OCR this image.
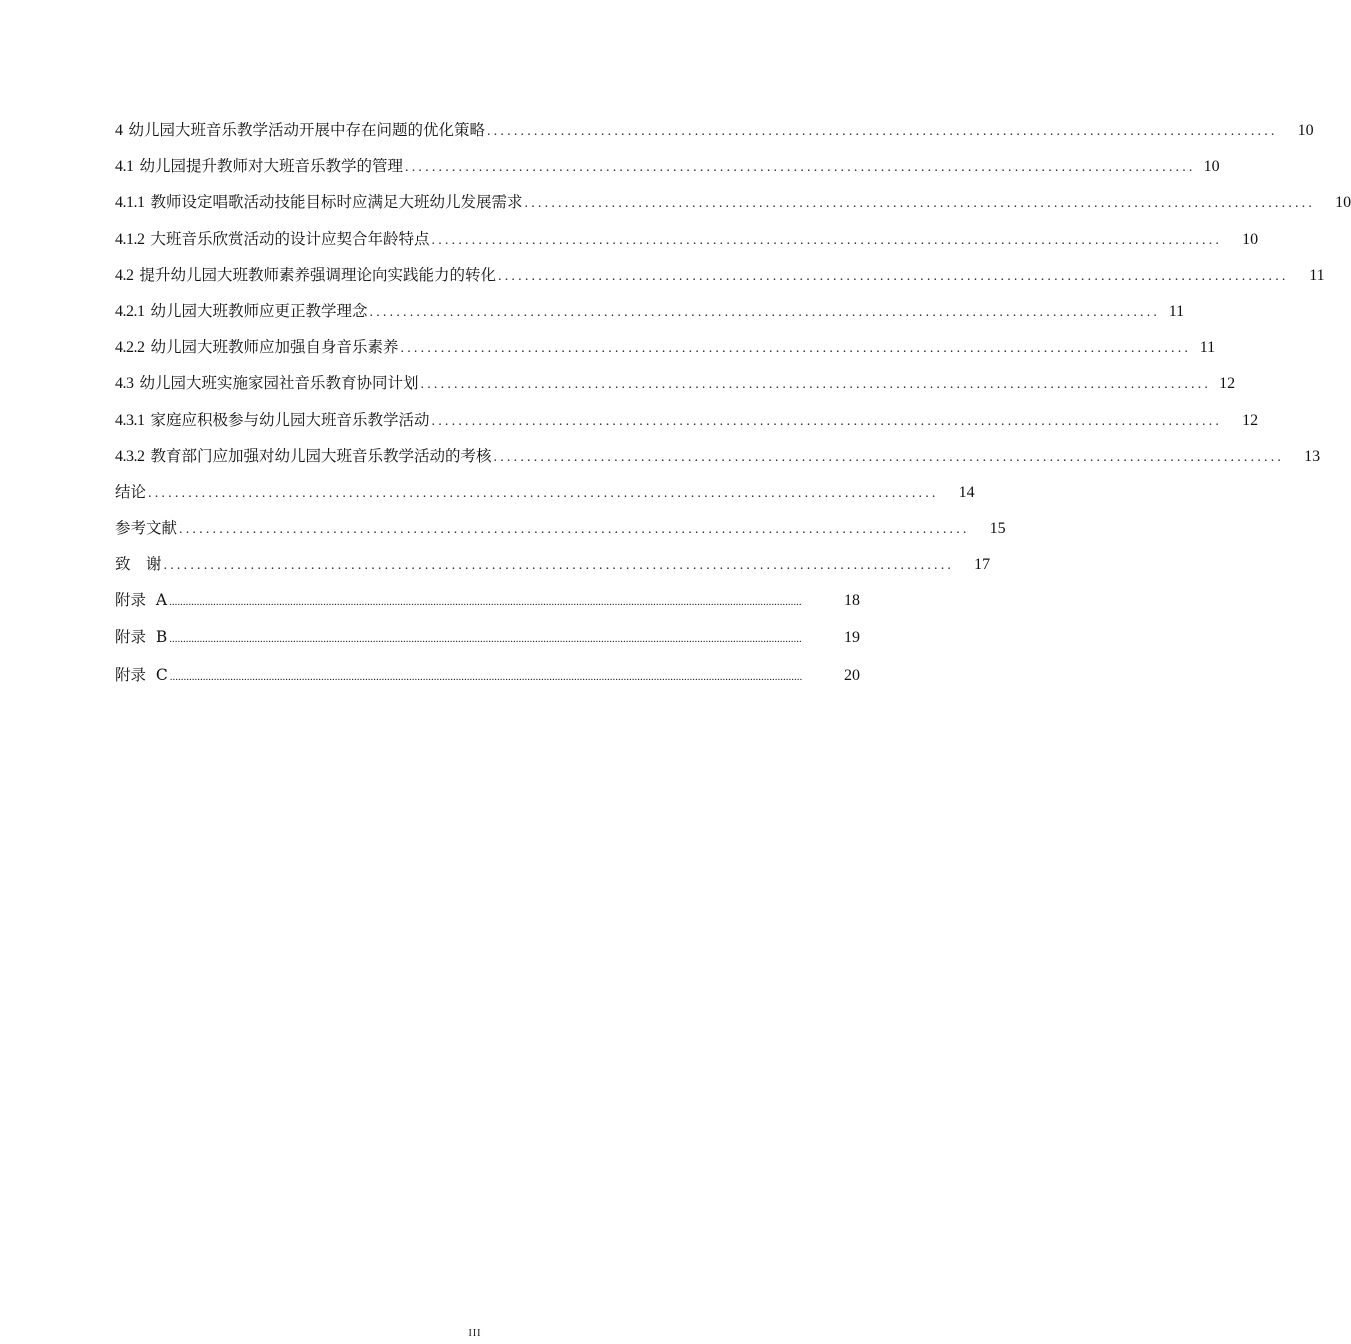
4 幼儿园大班音乐教学活动开展中存在问题的优化策略 ...................................................................................................................... 10
4.1 幼儿园提升教师对大班音乐教学的管理 ...................................................................................................................... 10
4.1.1 教师设定唱歌活动技能目标时应满足大班幼儿发展需求 ...................................................................................................................... 10
4.1.2 大班音乐欣赏活动的设计应契合年龄特点 ...................................................................................................................... 10
4.2 提升幼儿园大班教师素养强调理论向实践能力的转化 ...................................................................................................................... 11
4.2.1 幼儿园大班教师应更正教学理念 ...................................................................................................................... 11
4.2.2 幼儿园大班教师应加强自身音乐素养 ...................................................................................................................... 11
4.3 幼儿园大班实施家园社音乐教育协同计划 ...................................................................................................................... 12
4.3.1 家庭应积极参与幼儿园大班音乐教学活动 ...................................................................................................................... 12
4.3.2 教育部门应加强对幼儿园大班音乐教学活动的考核 ...................................................................................................................... 13
结论 ...................................................................................................................... 14
参考文献 ...................................................................................................................... 15
致　谢 ...................................................................................................................... 17
附录  A ......................................................................................................................................................................................................................................	18
附录  B ......................................................................................................................................................................................................................................	19
附录  C ......................................................................................................................................................................................................................................	20
III
